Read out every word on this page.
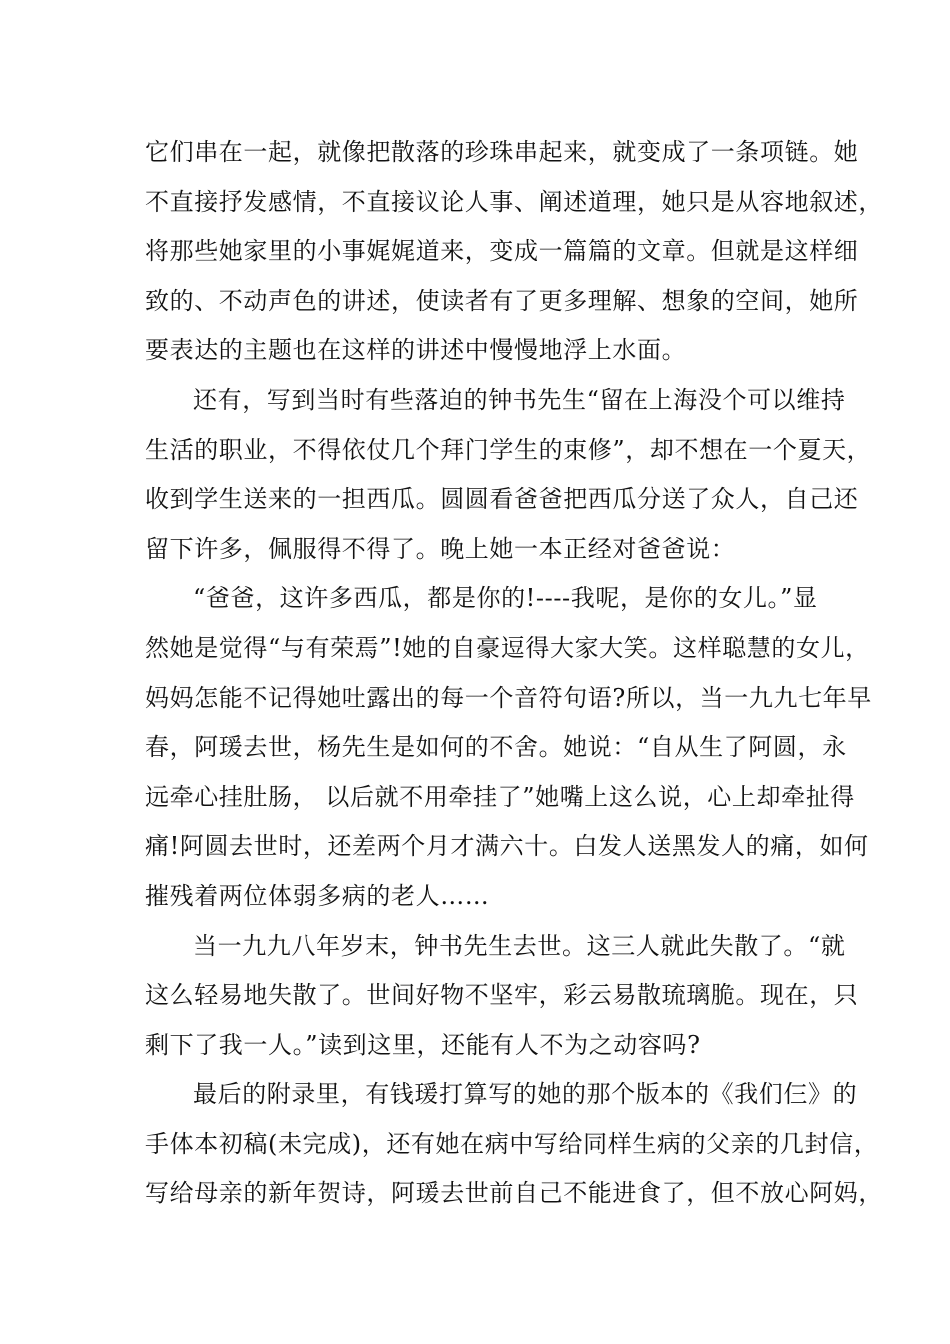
它们串在一起，就像把散落的珍珠串起来，就变成了一条项链。她
不直接抒发感情，不直接议论人事、阐述道理，她只是从容地叙述，
将那些她家里的小事娓娓道来，变成一篇篇的文章。但就是这样细
致的、不动声色的讲述，使读者有了更多理解、想象的空间，她所
要表达的主题也在这样的讲述中慢慢地浮上水面。
还有，写到当时有些落迫的钟书先生“留在上海没个可以维持
生活的职业，不得依仗几个拜门学生的束修”，却不想在一个夏天，
收到学生送来的一担西瓜。圆圆看爸爸把西瓜分送了众人，自己还
留下许多，佩服得不得了。晚上她一本正经对爸爸说：
“爸爸，这许多西瓜，都是你的!----我呢，是你的女儿。”显
然她是觉得“与有荣焉”!她的自豪逗得大家大笑。这样聪慧的女儿，
妈妈怎能不记得她吐露出的每一个音符句语?所以，当一九九七年早
春，阿瑗去世，杨先生是如何的不舍。她说：“自从生了阿圆，永
远牵心挂肚肠， 以后就不用牵挂了”她嘴上这么说，心上却牵扯得
痛!阿圆去世时，还差两个月才满六十。白发人送黑发人的痛，如何
摧残着两位体弱多病的老人……
当一九九八年岁末，钟书先生去世。这三人就此失散了。“就
这么轻易地失散了。世间好物不坚牢，彩云易散琉璃脆。现在，只
剩下了我一人。”读到这里，还能有人不为之动容吗?
最后的附录里，有钱瑗打算写的她的那个版本的《我们仨》的
手体本初稿(未完成)，还有她在病中写给同样生病的父亲的几封信，
写给母亲的新年贺诗，阿瑗去世前自己不能进食了，但不放心阿妈，
